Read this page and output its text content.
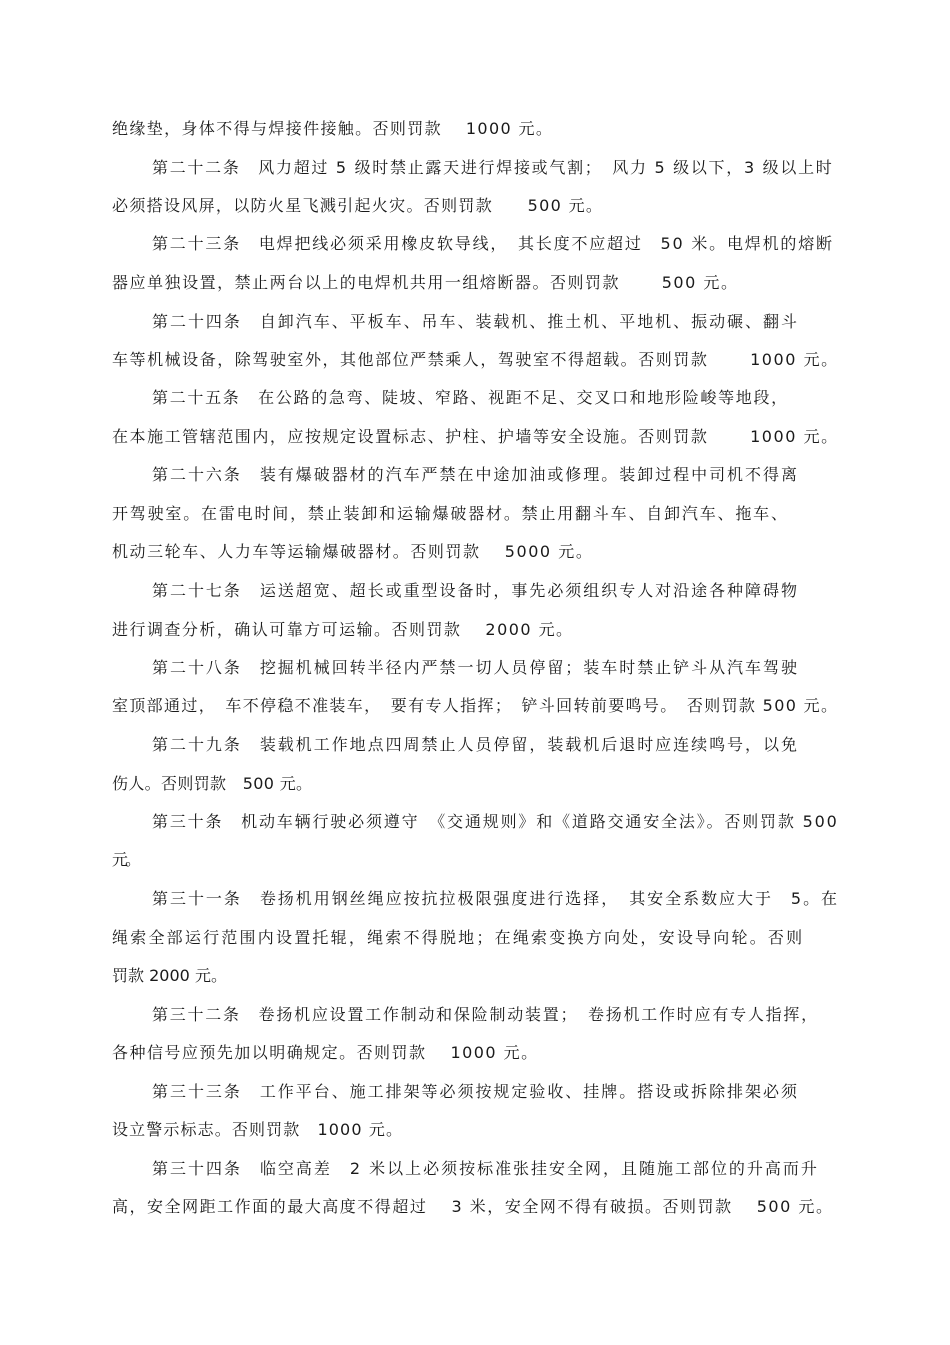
绝缘垫，身体不得与焊接件接触。否则罚款　 1000 元。
第二十二条　风力超过 5 级时禁止露天进行焊接或气割；　风力 5 级以下，3 级以上时
必须搭设风屏，以防火星飞溅引起火灾。否则罚款　　500 元。
第二十三条　电焊把线必须采用橡皮软导线，　其长度不应超过　50 米。电焊机的熔断
器应单独设置，禁止两台以上的电焊机共用一组熔断器。否则罚款　　 500 元。
第二十四条　自卸汽车、平板车、吊车、装载机、推土机、平地机、振动碾、翻斗
车等机械设备，除驾驶室外，其他部位严禁乘人，驾驶室不得超载。否则罚款　　 1000 元。
第二十五条　在公路的急弯、陡坡、窄路、视距不足、交叉口和地形险峻等地段，
在本施工管辖范围内，应按规定设置标志、护柱、护墙等安全设施。否则罚款　　 1000 元。
第二十六条　装有爆破器材的汽车严禁在中途加油或修理。装卸过程中司机不得离
开驾驶室。在雷电时间，禁止装卸和运输爆破器材。禁止用翻斗车、自卸汽车、拖车、
机动三轮车、人力车等运输爆破器材。否则罚款　 5000 元。
第二十七条　运送超宽、超长或重型设备时，事先必须组织专人对沿途各种障碍物
进行调查分析，确认可靠方可运输。否则罚款　 2000 元。
第二十八条　挖掘机械回转半径内严禁一切人员停留；装车时禁止铲斗从汽车驾驶
室顶部通过，　车不停稳不准装车，　要有专人指挥；　铲斗回转前要鸣号。　否则罚款 500 元。
第二十九条　装载机工作地点四周禁止人员停留，装载机后退时应连续鸣号，以免
伤人。否则罚款　500 元。
第三十条　机动车辆行驶必须遵守　《交通规则》和《道路交通安全法》。否则罚款 500
元。
第三十一条　卷扬机用钢丝绳应按抗拉极限强度进行选择，　其安全系数应大于　5。在
绳索全部运行范围内设置托辊，绳索不得脱地；在绳索变换方向处，安设导向轮。否则
罚款 2000 元。
第三十二条　卷扬机应设置工作制动和保险制动装置；　卷扬机工作时应有专人指挥，
各种信号应预先加以明确规定。否则罚款　 1000 元。
第三十三条　工作平台、施工排架等必须按规定验收、挂牌。搭设或拆除排架必须
设立警示标志。否则罚款　1000 元。
第三十四条　临空高差　2 米以上必须按标准张挂安全网，且随施工部位的升高而升
高，安全网距工作面的最大高度不得超过　 3 米，安全网不得有破损。否则罚款　 500 元。
